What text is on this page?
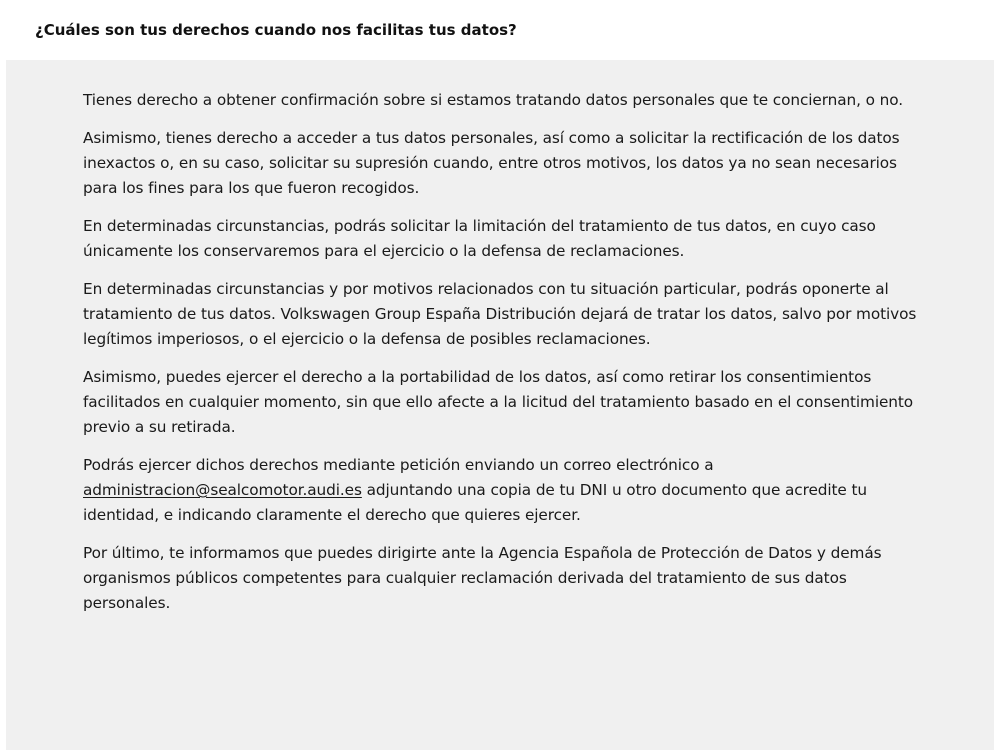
¿Cuáles son tus derechos cuando nos facilitas tus datos?

Tienes derecho a obtener confirmación sobre si estamos tratando datos personales que te conciernan, o no.

Asimismo, tienes derecho a acceder a tus datos personales, así como a solicitar la rectificación de los datos inexactos o, en su caso, solicitar su supresión cuando, entre otros motivos, los datos ya no sean necesarios para los fines para los que fueron recogidos.

En determinadas circunstancias, podrás solicitar la limitación del tratamiento de tus datos, en cuyo caso únicamente los conservaremos para el ejercicio o la defensa de reclamaciones.

En determinadas circunstancias y por motivos relacionados con tu situación particular, podrás oponerte al tratamiento de tus datos. Volkswagen Group España Distribución dejará de tratar los datos, salvo por motivos legítimos imperiosos, o el ejercicio o la defensa de posibles reclamaciones.

Asimismo, puedes ejercer el derecho a la portabilidad de los datos, así como retirar los consentimientos facilitados en cualquier momento, sin que ello afecte a la licitud del tratamiento basado en el consentimiento previo a su retirada.

Podrás ejercer dichos derechos mediante petición enviando un correo electrónico a administracion@sealcomotor.audi.es adjuntando una copia de tu DNI u otro documento que acredite tu identidad, e indicando claramente el derecho que quieres ejercer.

Por último, te informamos que puedes dirigirte ante la Agencia Española de Protección de Datos y demás organismos públicos competentes para cualquier reclamación derivada del tratamiento de sus datos personales.
